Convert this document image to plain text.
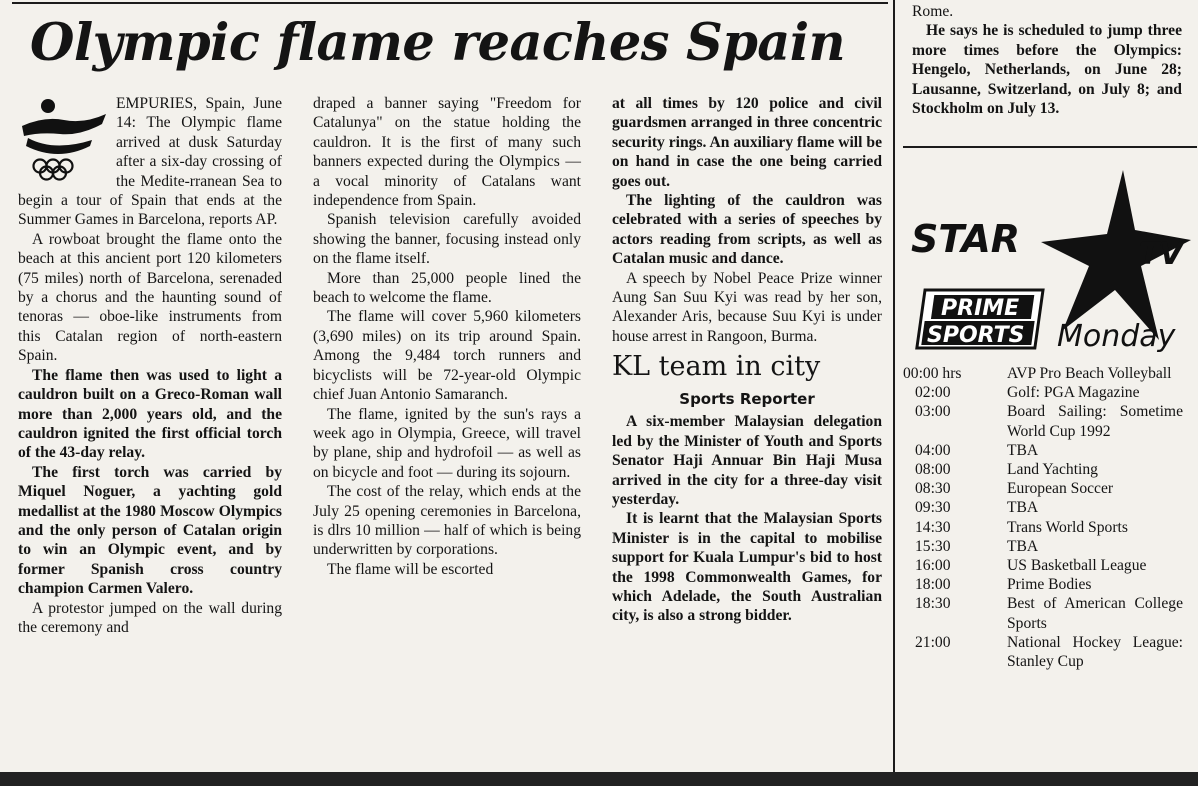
Olympic flame reaches Spain

EMPURIES, Spain, June 14: The Olympic flame arrived at dusk Saturday after a six-day crossing of the Medite-rranean Sea to begin a tour of Spain that ends at the Summer Games in Barcelona, reports AP.

A rowboat brought the flame onto the beach at this ancient port 120 kilometers (75 miles) north of Barcelona, serenaded by a chorus and the haunting sound of tenoras — oboe-like instruments from this Catalan region of north-eastern Spain.

The flame then was used to light a cauldron built on a Greco-Roman wall more than 2,000 years old, and the cauldron ignited the first official torch of the 43-day relay.

The first torch was carried by Miquel Noguer, a yachting gold medallist at the 1980 Moscow Olympics and the only person of Catalan origin to win an Olympic event, and by former Spanish cross country champion Carmen Valero.

A protestor jumped on the wall during the ceremony and

draped a banner saying "Freedom for Catalunya" on the statue holding the cauldron. It is the first of many such banners expected during the Olympics — a vocal minority of Catalans want independence from Spain.

Spanish television carefully avoided showing the banner, focusing instead only on the flame itself.

More than 25,000 people lined the beach to welcome the flame.

The flame will cover 5,960 kilometers (3,690 miles) on its trip around Spain. Among the 9,484 torch runners and bicyclists will be 72-year-old Olympic chief Juan Antonio Samaranch.

The flame, ignited by the sun's rays a week ago in Olympia, Greece, will travel by plane, ship and hydrofoil — as well as on bicycle and foot — during its sojourn.

The cost of the relay, which ends at the July 25 opening ceremonies in Barcelona, is dlrs 10 million — half of which is being underwritten by corporations.

The flame will be escorted

at all times by 120 police and civil guardsmen arranged in three concentric security rings. An auxiliary flame will be on hand in case the one being carried goes out.

The lighting of the cauldron was celebrated with a series of speeches by actors reading from scripts, as well as Catalan music and dance.

A speech by Nobel Peace Prize winner Aung San Suu Kyi was read by her son, Alexander Aris, because Suu Kyi is under house arrest in Rangoon, Burma.

KL team in city
Sports Reporter

A six-member Malaysian delegation led by the Minister of Youth and Sports Senator Haji Annuar Bin Haji Musa arrived in the city for a three-day visit yesterday.

It is learnt that the Malaysian Sports Minister is in the capital to mobilise support for Kuala Lumpur's bid to host the 1998 Commonwealth Games, for which Adelade, the South Australian city, is also a strong bidder.

Rome.

He says he is scheduled to jump three more times before the Olympics: Hengelo, Netherlands, on June 28; Lausanne, Switzerland, on July 8; and Stockholm on July 13.

STAR	TV
PRIME
SPORTS Monday
00:00 hrs	AVP Pro Beach Volleyball
02:00	Golf: PGA Magazine
03:00	Board Sailing: Sometime World Cup 1992
04:00	TBA
08:00	Land Yachting
08:30	European Soccer
09:30	TBA
14:30	Trans World Sports
15:30	TBA
16:00	US Basketball League
18:00	Prime Bodies
18:30	Best of American College Sports
21:00	National Hockey League: Stanley Cup
